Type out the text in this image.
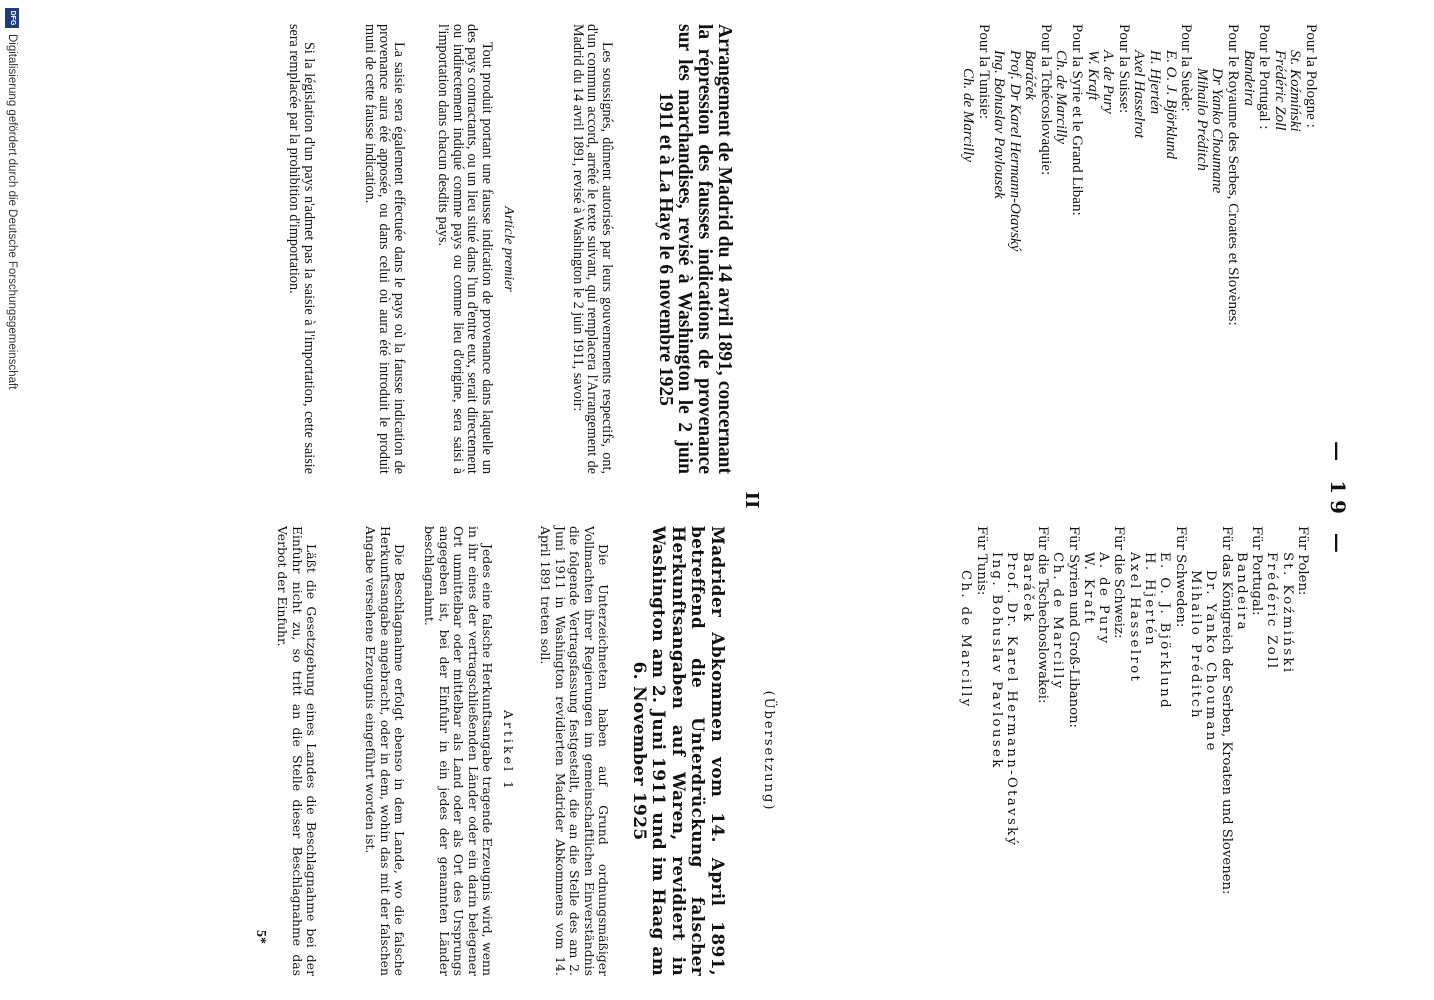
— 19 —
Pour la Pologne :
St. Koźmiński
Frédéric Zoll
Pour le Portugal :
Bandeira
Pour le Royaume des Serbes, Croates et Slovènes:
Dr Yanko Choumane
Mihailo Préditch
Pour la Suède:
E. O. J. Björklund
H. Hjertén
Axel Hasselrot
Pour la Suisse:
A. de Pury
W. Kraft
Pour la Syrie et le Grand Liban:
Ch. de Marcilly
Pour la Tchécoslovaquie:
Baráček
Prof. Dr Karel Hermann-Otavský
Ing. Bohuslav Pavlousek
Pour la Tunisie:
Ch. de Marcilly
Arrangement de Madrid du 14 avril 1891, concernant la répression des fausses indications de provenance sur les marchandises, revisé à Washington le 2 juin 1911 et à La Haye le 6 novembre 1925
Les soussignés, dûment autorisés par leurs gouvernements respectifs, ont, d'un commun accord, arrêté le texte suivant, qui remplacera l'Arrangement de Madrid du 14 avril 1891, revisé à Washington le 2 juin 1911, savoir:
Article premier
Tout produit portant une fausse indication de provenance dans laquelle un des pays contractants, ou un lieu situé dans l'un d'entre eux, serait directement ou indirectement indiqué comme pays ou comme lieu d'origine, sera saisi à l'importation dans chacun desdits pays.
La saisie sera également effectuée dans le pays où la fausse indication de provenance aura été apposée, ou dans celui où aura été introduit le produit muni de cette fausse indication.
Si la législation d'un pays n'admet pas la saisie à l'importation, cette saisie sera remplacée par la prohibition d'importation.
Für Polen:
St. Koźmiński
Frédéric Zoll
Für Portugal:
Bandeira
Für das Königreich der Serben, Kroaten und Slovenen:
Dr. Yanko Choumane
Mihailo Préditch
Für Schweden:
E. O. J. Björklund
H. Hjertén
Axel Hasselrot
Für die Schweiz:
A. de Pury
W. Kraft
Für Syrien und Groß-Libanon:
Ch. de Marcilly
Für die Tschechoslowakei:
Baráček
Prof. Dr. Karel Hermann-Otavský
Ing. Bohuslav Pavlousek
Für Tunis:
Ch. de Marcilly
Madrider Abkommen vom 14. April 1891, betreffend die Unterdrückung falscher Herkunftsangaben auf Waren, revidiert in Washington am 2. Juni 1911 und im Haag am 6. November 1925
Die Unterzeichneten haben auf Grund ordnungsmäßiger Vollmachten ihrer Regierungen im gemeinschaftlichen Einverständnis die folgende Vertragsfassung festgestellt, die an die Stelle des am 2. Juni 1911 in Washington revidierten Madrider Abkommens vom 14. April 1891 treten soll.
Artikel 1
Jedes eine falsche Herkunftsangabe tragende Erzeugnis wird, wenn in ihr eines der vertragschließenden Länder oder ein darin belegener Ort unmittelbar oder mittelbar als Land oder als Ort des Ursprungs angegeben ist, bei der Einfuhr in ein jedes der genannten Länder beschlagnahmt.
Die Beschlagnahme erfolgt ebenso in dem Lande, wo die falsche Herkunftsangabe angebracht, oder in dem, wohin das mit der falschen Angabe versehene Erzeugnis eingeführt worden ist.
Läßt die Gesetzgebung eines Landes die Beschlagnahme bei der Einfuhr nicht zu, so tritt an die Stelle dieser Beschlagnahme das Verbot der Einfuhr.
II
(Übersetzung)
5*
DFG
Digitalisierung gefördert durch die Deutsche Forschungsgemeinschaft
